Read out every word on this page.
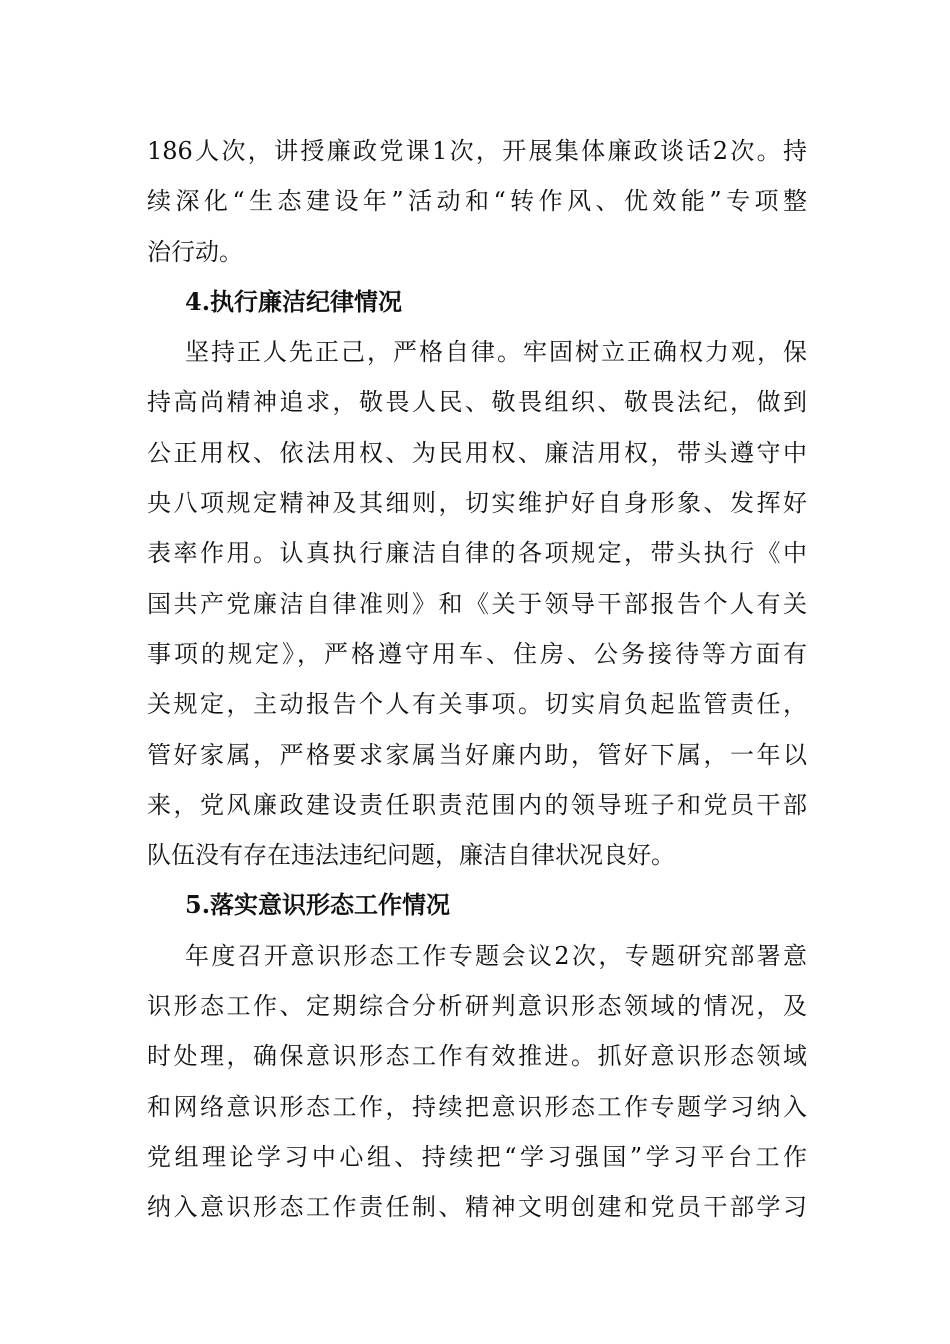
186人次，讲授廉政党课1次，开展集体廉政谈话2次。持
续深化“生态建设年”活动和“转作风、优效能”专项整
治行动。
4.执行廉洁纪律情况
坚持正人先正己，严格自律。牢固树立正确权力观，保
持高尚精神追求，敬畏人民、敬畏组织、敬畏法纪，做到
公正用权、依法用权、为民用权、廉洁用权，带头遵守中
央八项规定精神及其细则，切实维护好自身形象、发挥好
表率作用。认真执行廉洁自律的各项规定，带头执行《中
国共产党廉洁自律准则》和《关于领导干部报告个人有关
事项的规定》，严格遵守用车、住房、公务接待等方面有
关规定，主动报告个人有关事项。切实肩负起监管责任，
管好家属，严格要求家属当好廉内助，管好下属，一年以
来，党风廉政建设责任职责范围内的领导班子和党员干部
队伍没有存在违法违纪问题，廉洁自律状况良好。
5.落实意识形态工作情况
年度召开意识形态工作专题会议2次，专题研究部署意
识形态工作、定期综合分析研判意识形态领域的情况，及
时处理，确保意识形态工作有效推进。抓好意识形态领域
和网络意识形态工作，持续把意识形态工作专题学习纳入
党组理论学习中心组、持续把“学习强国”学习平台工作
纳入意识形态工作责任制、精神文明创建和党员干部学习
